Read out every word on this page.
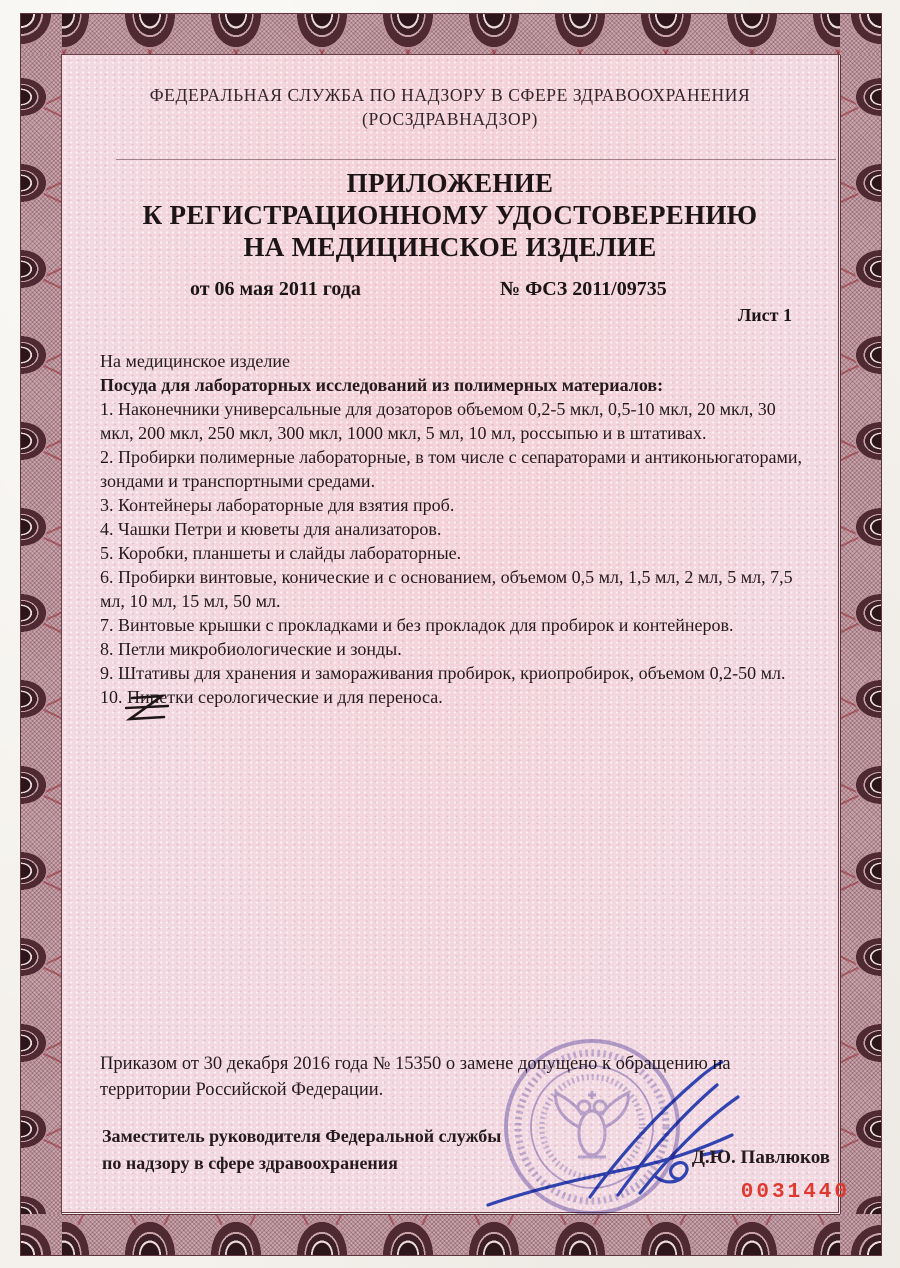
ФЕДЕРАЛЬНАЯ СЛУЖБА ПО НАДЗОРУ В СФЕРЕ ЗДРАВООХРАНЕНИЯ
(РОСЗДРАВНАДЗОР)
ПРИЛОЖЕНИЕ
К РЕГИСТРАЦИОННОМУ УДОСТОВЕРЕНИЮ
НА МЕДИЦИНСКОЕ ИЗДЕЛИЕ
от 06 мая 2011 года	№ ФСЗ 2011/09735
Лист 1

На медицинское изделие

Посуда для лабораторных исследований из полимерных материалов:

1. Наконечники универсальные для дозаторов объемом 0,2-5 мкл, 0,5-10 мкл, 20 мкл, 30 мкл, 200 мкл, 250 мкл, 300 мкл, 1000 мкл, 5 мл, 10 мл, россыпью и в штативах.

2. Пробирки полимерные лабораторные, в том числе с сепараторами и антиконьюгаторами, зондами и транспортными средами.

3. Контейнеры лабораторные для взятия проб.

4. Чашки Петри и кюветы для анализаторов.

5. Коробки, планшеты и слайды лабораторные.

6. Пробирки винтовые, конические и с основанием, объемом 0,5 мл, 1,5 мл, 2 мл, 5 мл, 7,5 мл, 10 мл, 15 мл, 50 мл.

7. Винтовые крышки с прокладками и без прокладок для пробирок и контейнеров.

8. Петли микробиологические и зонды.

9. Штативы для хранения и замораживания пробирок, криопробирок, объемом 0,2-50 мл.

10. Пипетки серологические и для переноса.

Приказом от 30 декабря 2016 года № 15350 о замене допущено к обращению на территории Российской Федерации.
Заместитель руководителя Федеральной службы
по надзору в сфере здравоохранения	Д.Ю. Павлюков
0031440
